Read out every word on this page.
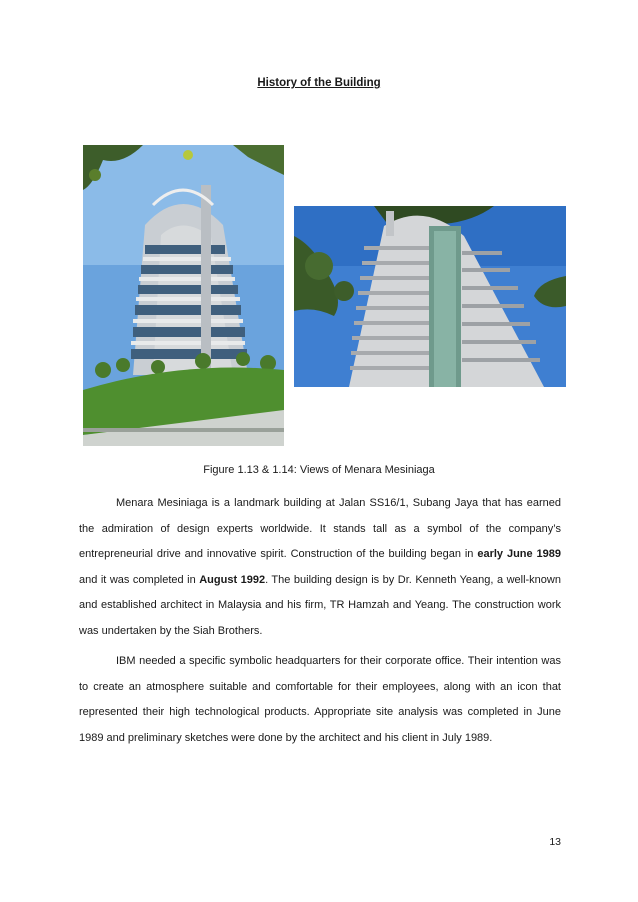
History of the Building
Figure 1.13 & 1.14: Views of Menara Mesiniaga

Menara Mesiniaga is a landmark building at Jalan SS16/1, Subang Jaya that has earned the admiration of design experts worldwide. It stands tall as a symbol of the company’s entrepreneurial drive and innovative spirit. Construction of the building began in early June 1989 and it was completed in August 1992. The building design is by Dr. Kenneth Yeang, a well-known and established architect in Malaysia and his firm, TR Hamzah and Yeang. The construction work was undertaken by the Siah Brothers.

IBM needed a specific symbolic headquarters for their corporate office. Their intention was to create an atmosphere suitable and comfortable for their employees, along with an icon that represented their high technological products. Appropriate site analysis was completed in June 1989 and preliminary sketches were done by the architect and his client in July 1989.

13
